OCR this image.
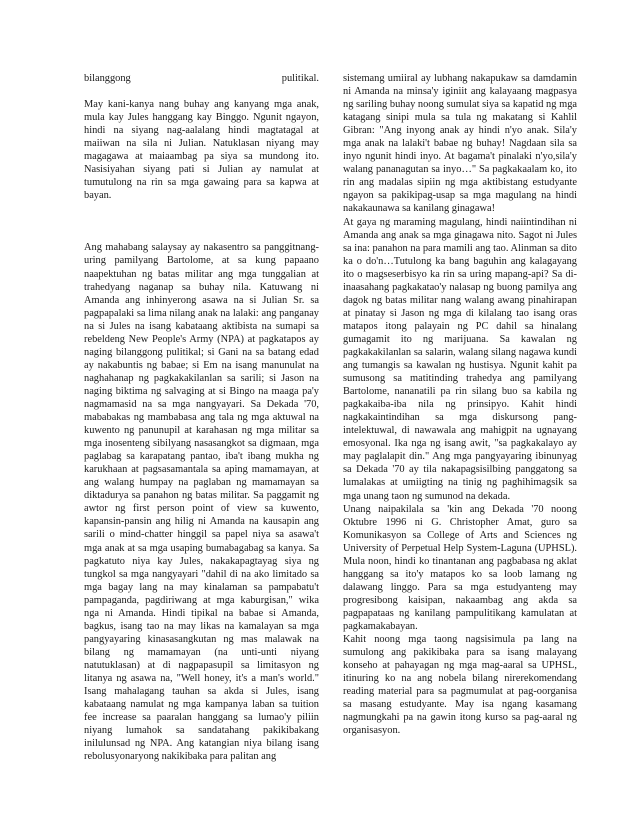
bilanggong	pulitikal.

May kani-kanya nang buhay ang kanyang mga anak, mula kay Jules hanggang kay Binggo. Ngunit ngayon, hindi na siyang nag-aalalang hindi magtatagal at maiiwan na sila ni Julian. Natuklasan niyang may magagawa at maiaambag pa siya sa mundong ito. Nasisiyahan siyang pati si Julian ay namulat at tumutulong na rin sa mga gawaing para sa kapwa at bayan.

Ang mahabang salaysay ay nakasentro sa panggitnang-uring pamilyang Bartolome, at sa kung papaano naapektuhan ng batas militar ang mga tunggalian at trahedyang naganap sa buhay nila. Katuwang ni Amanda ang inhinyerong asawa na si Julian Sr. sa pagpapalaki sa lima nilang anak na lalaki: ang panganay na si Jules na isang kabataang aktibista na sumapi sa rebeldeng New People's Army (NPA) at pagkatapos ay naging bilanggong pulitikal; si Gani na sa batang edad ay nakabuntis ng babae; si Em na isang manunulat na naghahanap ng pagkakakilanlan sa sarili; si Jason na naging biktima ng salvaging at si Bingo na maaga pa'y nagmamasid na sa mga nangyayari. Sa Dekada '70, mababakas ng mambabasa ang tala ng mga aktuwal na kuwento ng panunupil at karahasan ng mga militar sa mga inosenteng sibilyang nasasangkot sa digmaan, mga paglabag sa karapatang pantao, iba't ibang mukha ng karukhaan at pagsasamantala sa aping mamamayan, at ang walang humpay na paglaban ng mamamayan sa diktadurya sa panahon ng batas militar. Sa paggamit ng awtor ng first person point of view sa kuwento, kapansin-pansin ang hilig ni Amanda na kausapin ang sarili o mind-chatter hinggil sa papel niya sa asawa't mga anak at sa mga usaping bumabagabag sa kanya. Sa pagkatuto niya kay Jules, nakakapagtayag siya ng tungkol sa mga nangyayari "dahil di na ako limitado sa mga bagay lang na may kinalaman sa pampabatu't pampaganda, pagdiriwang at mga kaburgisan," wika nga ni Amanda. Hindi tipikal na babae si Amanda, bagkus, isang tao na may likas na kamalayan sa mga pangyayaring kinasasangkutan ng mas malawak na bilang ng mamamayan (na unti-unti niyang natutuklasan) at di nagpapasupil sa limitasyon ng litanya ng asawa na, "Well honey, it's a man's world." Isang mahalagang tauhan sa akda si Jules, isang kabataang namulat ng mga kampanya laban sa tuition fee increase sa paaralan hanggang sa lumao'y piliin niyang lumahok sa sandatahang pakikibakang inilulunsad ng NPA. Ang katangian niya bilang isang rebolusyonaryong nakikibaka para palitan ang

sistemang umiiral ay lubhang nakapukaw sa damdamin ni Amanda na minsa'y iginiit ang kalayaang magpasya ng sariling buhay noong sumulat siya sa kapatid ng mga katagang sinipi mula sa tula ng makatang si Kahlil Gibran: "Ang inyong anak ay hindi n'yo anak. Sila'y mga anak na lalaki't babae ng buhay! Nagdaan sila sa inyo ngunit hindi inyo. At bagama't pinalaki n'yo,sila'y walang pananagutan sa inyo…" Sa pagkakaalam ko, ito rin ang madalas sipiin ng mga aktibistang estudyante ngayon sa pakikipag-usap sa mga magulang na hindi nakakaunawa sa kanilang ginagawa!

At gaya ng maraming magulang, hindi naiintindihan ni Amanda ang anak sa mga ginagawa nito. Sagot ni Jules sa ina: panahon na para mamili ang tao. Alinman sa dito ka o do'n…Tutulong ka bang baguhin ang kalagayang ito o magseserbisyo ka rin sa uring mapang-api? Sa di-inaasahang pagkakatao'y nalasap ng buong pamilya ang dagok ng batas militar nang walang awang pinahirapan at pinatay si Jason ng mga di kilalang tao isang oras matapos itong palayain ng PC dahil sa hinalang gumagamit ito ng marijuana. Sa kawalan ng pagkakakilanlan sa salarin, walang silang nagawa kundi ang tumangis sa kawalan ng hustisya. Ngunit kahit pa sumusong sa matitinding trahedya ang pamilyang Bartolome, nananatili pa rin silang buo sa kabila ng pagkakaiba-iba nila ng prinsipyo. Kahit hindi nagkakaintindihan sa mga diskursong pang-intelektuwal, di nawawala ang mahigpit na ugnayang emosyonal. Ika nga ng isang awit, "sa pagkakalayo ay may paglalapit din." Ang mga pangyayaring ibinunyag sa Dekada '70 ay tila nakapagsisilbing panggatong sa lumalakas at umiigting na tinig ng paghihimagsik sa mga unang taon ng sumunod na dekada.

Unang naipakilala sa 'kin ang Dekada '70 noong Oktubre 1996 ni G. Christopher Amat, guro sa Komunikasyon sa College of Arts and Sciences ng University of Perpetual Help System-Laguna (UPHSL). Mula noon, hindi ko tinantanan ang pagbabasa ng aklat hanggang sa ito'y matapos ko sa loob lamang ng dalawang linggo. Para sa mga estudyanteng may progresibong kaisipan, nakaambag ang akda sa pagpapataas ng kanilang pampulitikang kamulatan at pagkamakabayan.

Kahit noong mga taong nagsisimula pa lang na sumulong ang pakikibaka para sa isang malayang konseho at pahayagan ng mga mag-aaral sa UPHSL, itinuring ko na ang nobela bilang nirerekomendang reading material para sa pagmumulat at pag-oorganisa sa masang estudyante. May isa ngang kasamang nagmungkahi pa na gawin itong kurso sa pag-aaral ng organisasyon.
